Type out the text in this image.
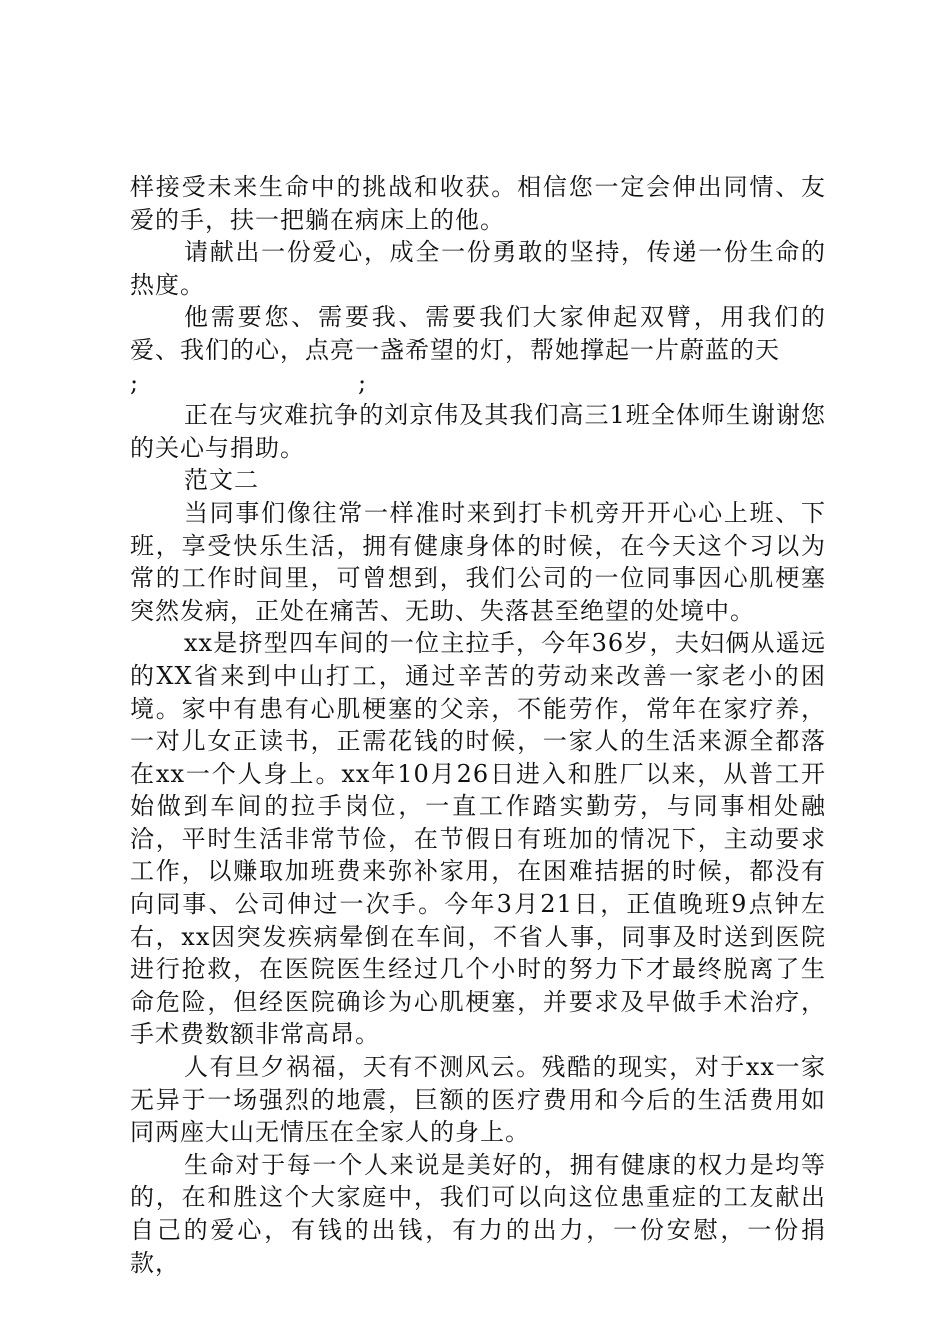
样接受未来生命中的挑战和收获。相信您一定会伸出同情、友爱的手，扶一把躺在病床上的他。

请献出一份爱心，成全一份勇敢的坚持，传递一份生命的热度。

他需要您、需要我、需要我们大家伸起双臂，用我们的爱、我们的心，点亮一盏希望的灯，帮她撑起一片蔚蓝的天

;	;

正在与灾难抗争的刘京伟及其我们高三1班全体师生谢谢您的关心与捐助。

范文二

当同事们像往常一样准时来到打卡机旁开开心心上班、下班，享受快乐生活，拥有健康身体的时候，在今天这个习以为常的工作时间里，可曾想到，我们公司的一位同事因心肌梗塞突然发病，正处在痛苦、无助、失落甚至绝望的处境中。

xx是挤型四车间的一位主拉手，今年36岁，夫妇俩从遥远的XX省来到中山打工，通过辛苦的劳动来改善一家老小的困境。家中有患有心肌梗塞的父亲，不能劳作，常年在家疗养，一对儿女正读书，正需花钱的时候，一家人的生活来源全都落在xx一个人身上。xx年10月26日进入和胜厂以来，从普工开始做到车间的拉手岗位，一直工作踏实勤劳，与同事相处融洽，平时生活非常节俭，在节假日有班加的情况下，主动要求工作，以赚取加班费来弥补家用，在困难拮据的时候，都没有向同事、公司伸过一次手。今年3月21日，正值晚班9点钟左右，xx因突发疾病晕倒在车间，不省人事，同事及时送到医院进行抢救，在医院医生经过几个小时的努力下才最终脱离了生命危险，但经医院确诊为心肌梗塞，并要求及早做手术治疗，手术费数额非常高昂。

人有旦夕祸福，天有不测风云。残酷的现实，对于xx一家无异于一场强烈的地震，巨额的医疗费用和今后的生活费用如同两座大山无情压在全家人的身上。

生命对于每一个人来说是美好的，拥有健康的权力是均等的，在和胜这个大家庭中，我们可以向这位患重症的工友献出自己的爱心，有钱的出钱，有力的出力，一份安慰，一份捐款，
